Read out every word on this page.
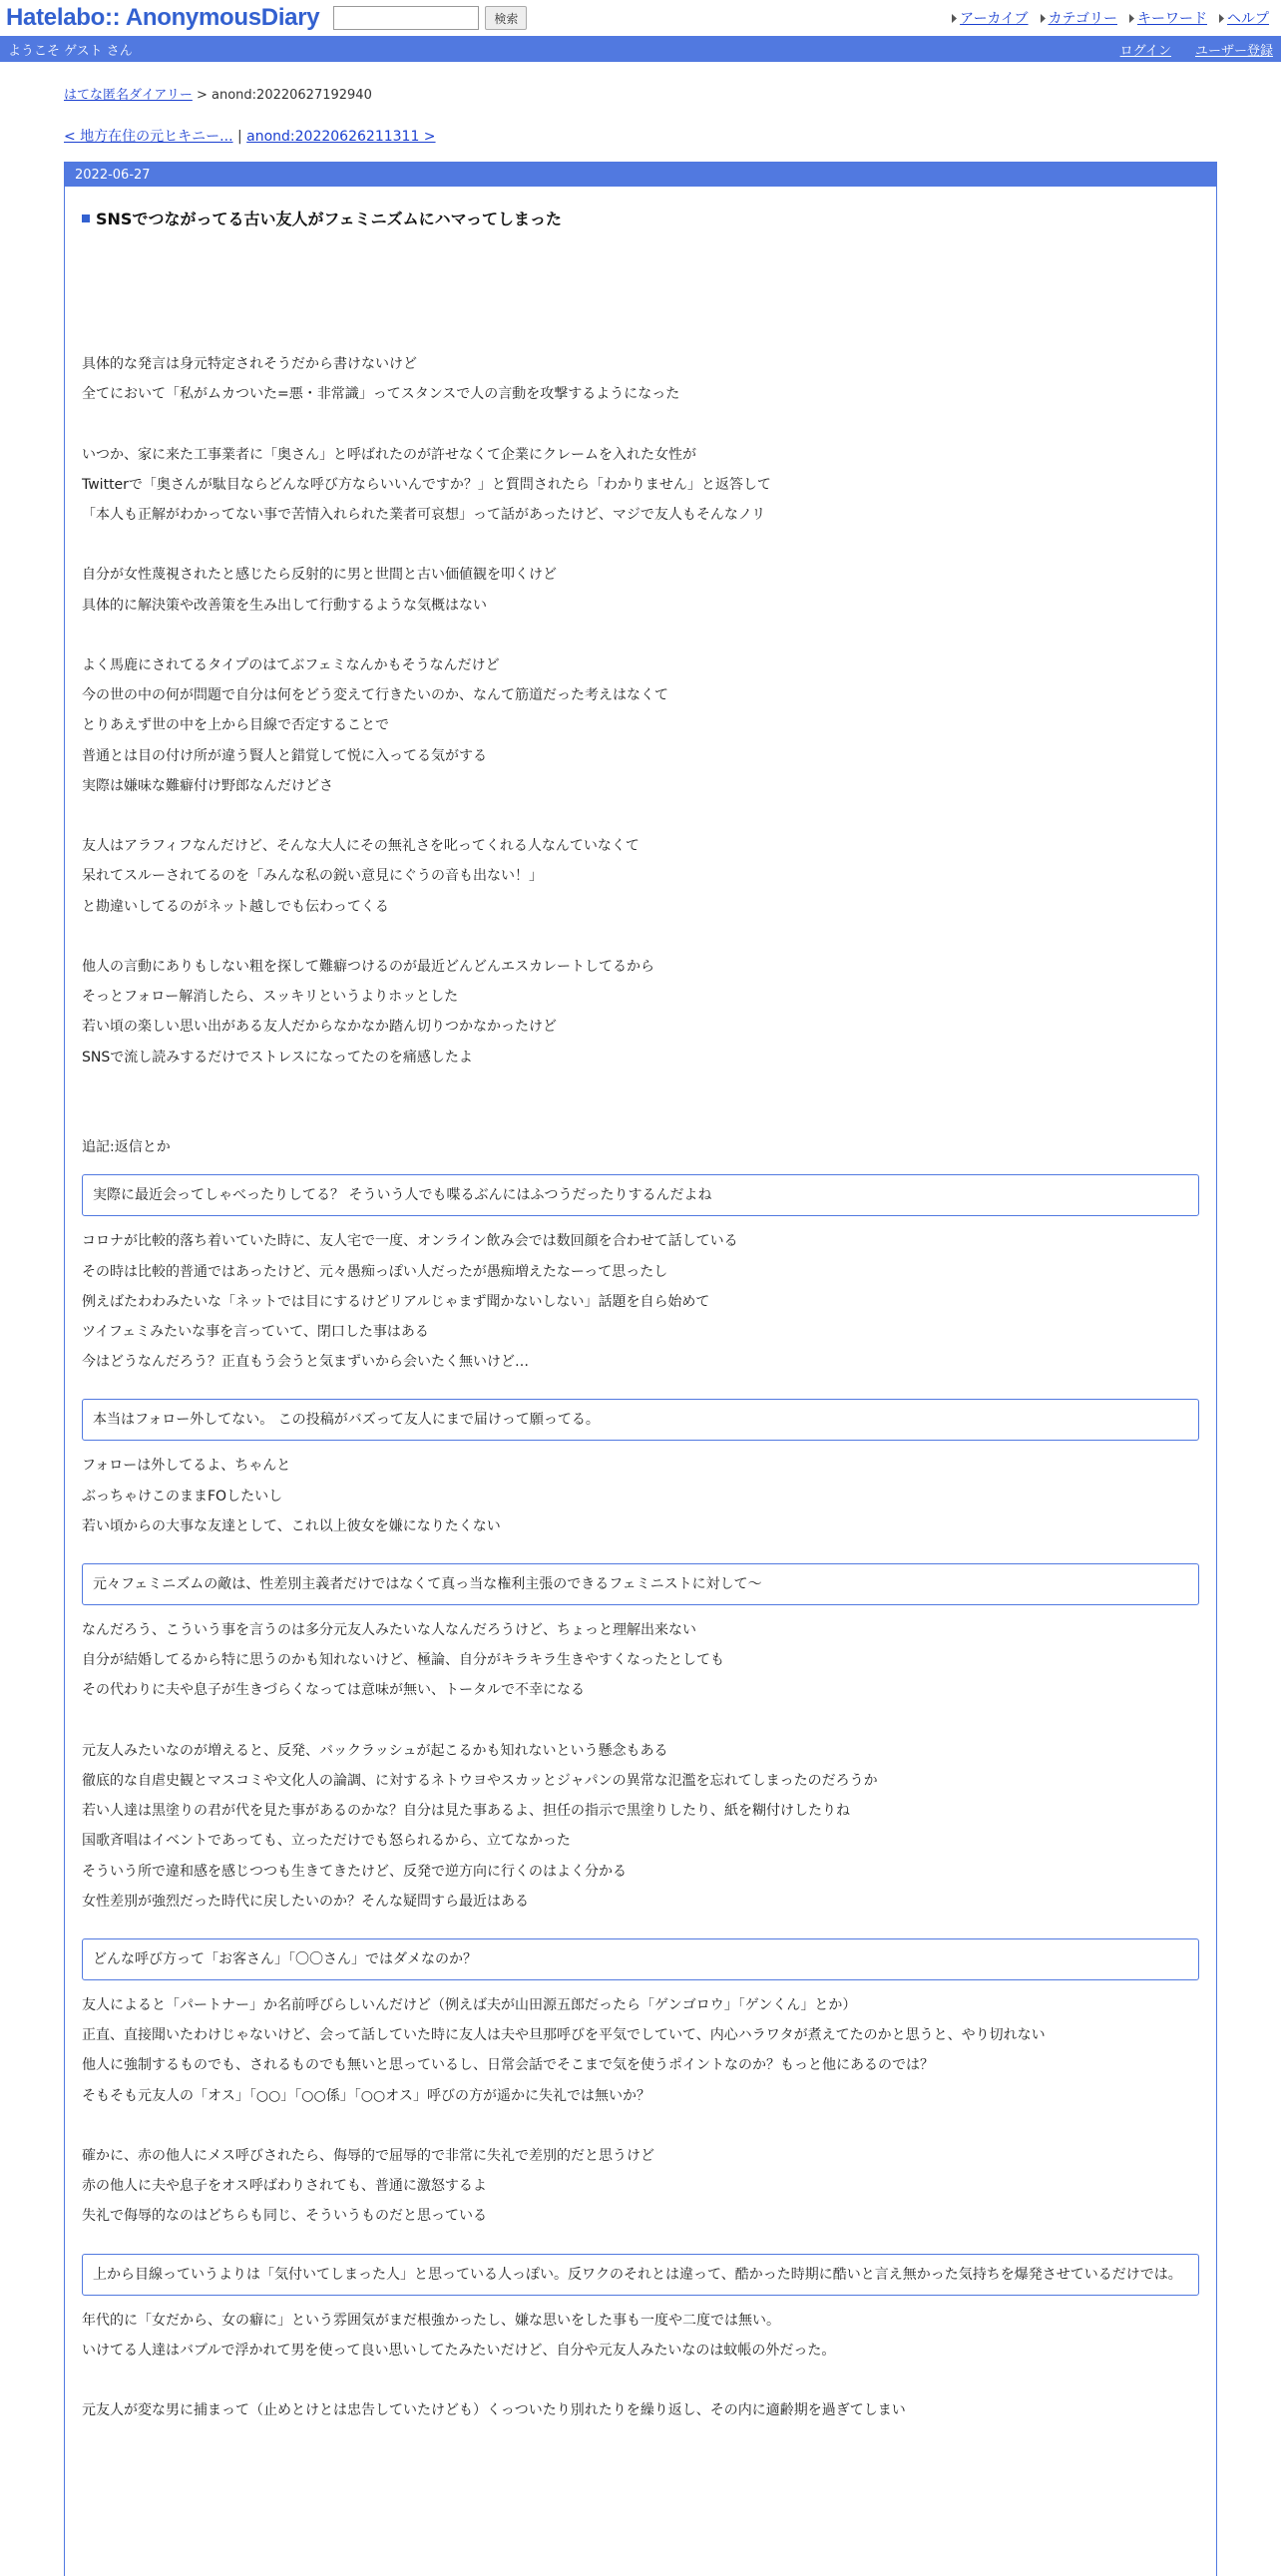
Hatelabo:: AnonymousDiary	検索	アーカイブ カテゴリー キーワード ヘルプ
ようこそ ゲスト さん	ログイン ユーザー登録
はてな匿名ダイアリー > anond:20220627192940
< 地方在住の元ヒキニー... | anond:20220626211311 >
2022-06-27
SNSでつながってる古い友人がフェミニズムにハマってしまった
具体的な発言は身元特定されそうだから書けないけど
全てにおいて「私がムカついた=悪・非常識」ってスタンスで人の言動を攻撃するようになった
いつか、家に来た工事業者に「奥さん」と呼ばれたのが許せなくて企業にクレームを入れた女性が
Twitterで「奥さんが駄目ならどんな呼び方ならいいんですか？」と質問されたら「わかりません」と返答して
「本人も正解がわかってない事で苦情入れられた業者可哀想」って話があったけど、マジで友人もそんなノリ
自分が女性蔑視されたと感じたら反射的に男と世間と古い価値観を叩くけど
具体的に解決策や改善策を生み出して行動するような気概はない
よく馬鹿にされてるタイプのはてぶフェミなんかもそうなんだけど
今の世の中の何が問題で自分は何をどう変えて行きたいのか、なんて筋道だった考えはなくて
とりあえず世の中を上から目線で否定することで
普通とは目の付け所が違う賢人と錯覚して悦に入ってる気がする
実際は嫌味な難癖付け野郎なんだけどさ
友人はアラフィフなんだけど、そんな大人にその無礼さを叱ってくれる人なんていなくて
呆れてスルーされてるのを「みんな私の鋭い意見にぐうの音も出ない！」
と勘違いしてるのがネット越しでも伝わってくる
他人の言動にありもしない粗を探して難癖つけるのが最近どんどんエスカレートしてるから
そっとフォロー解消したら、スッキリというよりホッとした
若い頃の楽しい思い出がある友人だからなかなか踏ん切りつかなかったけど
SNSで流し読みするだけでストレスになってたのを痛感したよ
追記:返信とか
実際に最近会ってしゃべったりしてる？ そういう人でも喋るぶんにはふつうだったりするんだよね
コロナが比較的落ち着いていた時に、友人宅で一度、オンライン飲み会では数回顔を合わせて話している
その時は比較的普通ではあったけど、元々愚痴っぽい人だったが愚痴増えたなーって思ったし
例えばたわわみたいな「ネットでは目にするけどリアルじゃまず聞かないしない」話題を自ら始めて
ツイフェミみたいな事を言っていて、閉口した事はある
今はどうなんだろう？正直もう会うと気まずいから会いたく無いけど…
本当はフォロー外してない。 この投稿がバズって友人にまで届けって願ってる。
フォローは外してるよ、ちゃんと
ぶっちゃけこのままFOしたいし
若い頃からの大事な友達として、これ以上彼女を嫌になりたくない
元々フェミニズムの敵は、性差別主義者だけではなくて真っ当な権利主張のできるフェミニストに対して～
なんだろう、こういう事を言うのは多分元友人みたいな人なんだろうけど、ちょっと理解出来ない
自分が結婚してるから特に思うのかも知れないけど、極論、自分がキラキラ生きやすくなったとしても
その代わりに夫や息子が生きづらくなっては意味が無い、トータルで不幸になる
元友人みたいなのが増えると、反発、バックラッシュが起こるかも知れないという懸念もある
徹底的な自虐史観とマスコミや文化人の論調、に対するネトウヨやスカッとジャパンの異常な氾濫を忘れてしまったのだろうか
若い人達は黒塗りの君が代を見た事があるのかな？自分は見た事あるよ、担任の指示で黒塗りしたり、紙を糊付けしたりね
国歌斉唱はイベントであっても、立っただけでも怒られるから、立てなかった
そういう所で違和感を感じつつも生きてきたけど、反発で逆方向に行くのはよく分かる
女性差別が強烈だった時代に戻したいのか？そんな疑問すら最近はある
どんな呼び方って「お客さん」「〇〇さん」ではダメなのか？
友人によると「パートナー」か名前呼びらしいんだけど（例えば夫が山田源五郎だったら「ゲンゴロウ」「ゲンくん」とか）
正直、直接聞いたわけじゃないけど、会って話していた時に友人は夫や旦那呼びを平気でしていて、内心ハラワタが煮えてたのかと思うと、やり切れない
他人に強制するものでも、されるものでも無いと思っているし、日常会話でそこまで気を使うポイントなのか？もっと他にあるのでは？
そもそも元友人の「オス」「○○」「○○係」「○○オス」呼びの方が遥かに失礼では無いか？
確かに、赤の他人にメス呼びされたら、侮辱的で屈辱的で非常に失礼で差別的だと思うけど
赤の他人に夫や息子をオス呼ばわりされても、普通に激怒するよ
失礼で侮辱的なのはどちらも同じ、そういうものだと思っている
上から目線っていうよりは「気付いてしまった人」と思っている人っぽい。反ワクのそれとは違って、酷かった時期に酷いと言え無かった気持ちを爆発させているだけでは。
年代的に「女だから、女の癖に」という雰囲気がまだ根強かったし、嫌な思いをした事も一度や二度では無い。
いけてる人達はバブルで浮かれて男を使って良い思いしてたみたいだけど、自分や元友人みたいなのは蚊帳の外だった。
元友人が変な男に捕まって（止めとけとは忠告していたけども）くっついたり別れたりを繰り返し、その内に適齢期を過ぎてしまい
